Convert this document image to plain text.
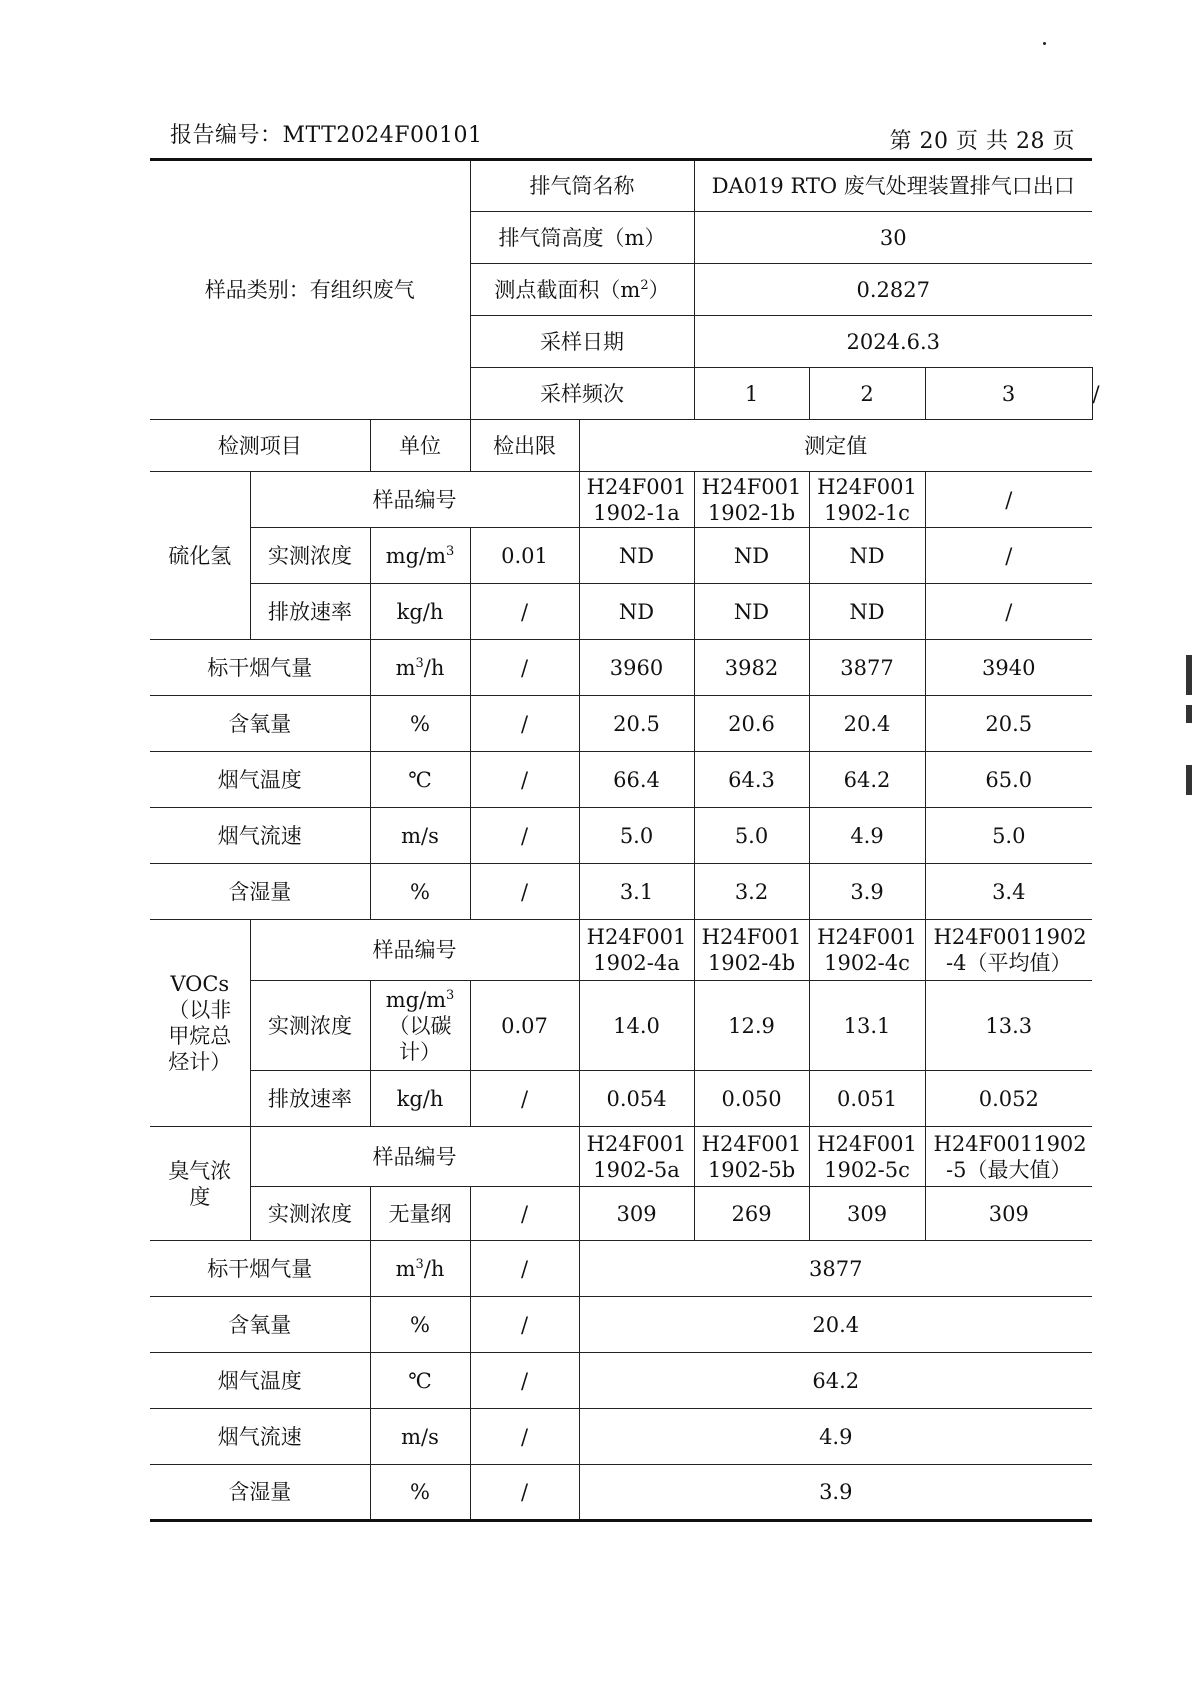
报告编号：MTT2024F00101	第 20 页 共 28 页
样品类别：有组织废气			排气筒名称		DA019 RTO 废气处理装置排气口出口			
			排气筒高度（m）		30			
			测点截面积$(m^2)$		0.2827			
			采样日期		2024.6.3			
			采样频次		1	2	3	/
检测项目		单位	检出限	测定值				
硫化氢	样品编号			H24F001 1902-1a	H24F001 1902-1b	H24F001 1902-1c	/	
	实测浓度	$mg/m^3$	0.01	ND	ND	ND	/	
	排放速率	kg/h	/	ND	ND	ND	/	
标干烟气量		$m^3/h$	/	3960	3982	3877	3940	
含氧量		%	/	20.5	20.6	20.4	20.5	
烟气温度		℃	/	66.4	64.3	64.2	65.0	
烟气流速		m/s	/	5.0	5.0	4.9	5.0	
含湿量		%	/	3.1	3.2	3.9	3.4	
VOCs（以非甲烷总烃计）	样品编号			H24F001 1902-4a	H24F001 1902-4b	H24F001 1902-4c	H24F0011902 -4（平均值）	
	实测浓度	$mg/m^3$（以碳计）	0.07	14.0	12.9	13.1	13.3	
	排放速率	kg/h	/	0.054	0.050	0.051	0.052	
臭气浓度	样品编号			H24F001 1902-5a	H24F001 1902-5b	H24F001 1902-5c	H24F0011902 -5（最大值）	
	实测浓度	无量纲	/	309	269	309	309	
标干烟气量		$m^3/h$	/	3877				
含氧量		%	/	20.4				
烟气温度		℃	/	64.2				
烟气流速		m/s	/	4.9				
含湿量		%	/	3.9				
